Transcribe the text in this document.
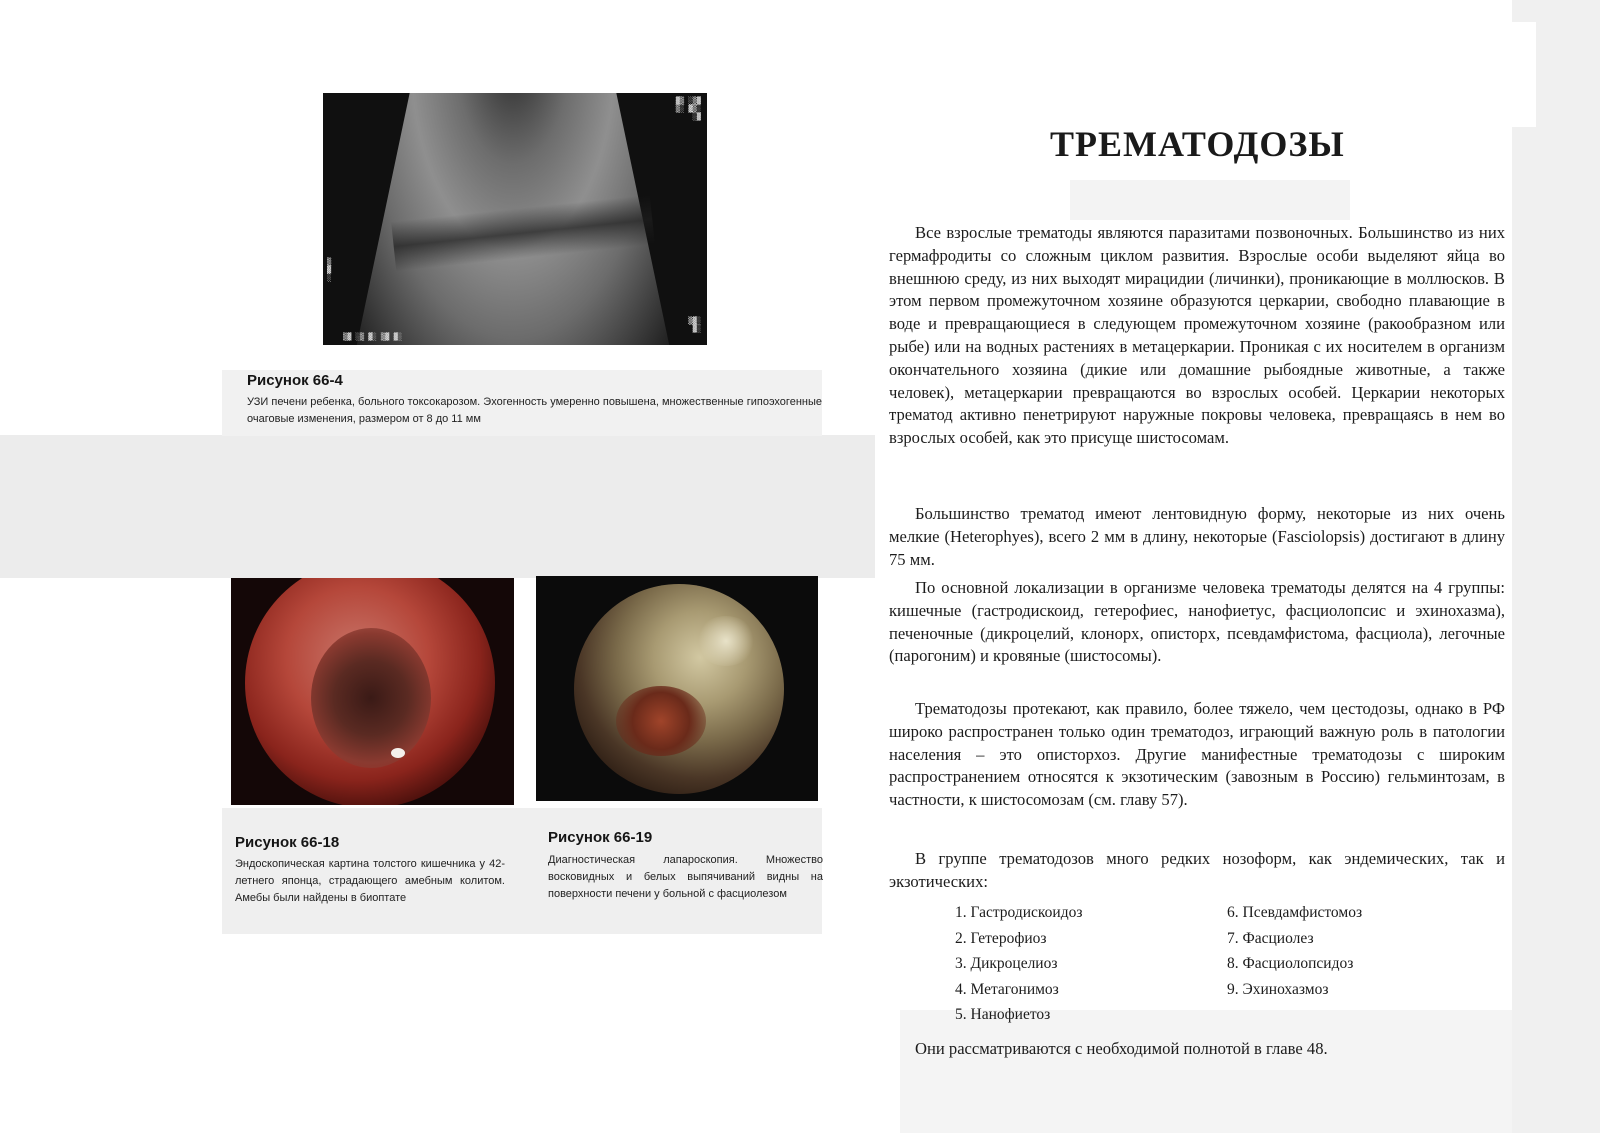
▓▒ ░▒▓
▒░ ▓▒░
░▓
▒
▓
░
▒▓ ░▒ ▓░ ▒▓ ▓░
▒▓░
▓░
Рисунок 66-4
УЗИ печени ребенка, больного токсокарозом. Эхогенность умеренно повышена, множественные гипоэхогенные очаговые изменения, размером от 8 до 11 мм
Рисунок 66-18
Эндоскопическая картина толстого кишечника у 42-летнего японца, страдающего амебным колитом. Амебы были найдены в биоптате
Рисунок 66-19
Диагностическая лапароскопия. Множество восковидных и белых выпячиваний видны на поверхности печени у больной с фасциолезом
ТРЕМАТОДОЗЫ

Все взрослые трематоды являются паразитами позвоночных. Большинство из них гермафродиты со сложным циклом развития. Взрослые особи выделяют яйца во внешнюю среду, из них выходят мирацидии (личинки), проникающие в моллюсков. В этом первом промежуточном хозяине образуются церкарии, свободно плавающие в воде и превращающиеся в следующем промежуточном хозяине (ракообразном или рыбе) или на водных растениях в метацеркарии. Проникая с их носителем в организм окончательного хозяина (дикие или домашние рыбоядные животные, а также человек), метацеркарии превращаются во взрослых особей. Церкарии некоторых трематод активно пенетрируют наружные покровы человека, превращаясь в нем во взрослых особей, как это присуще шистосомам.

Большинство трематод имеют лентовидную форму, некоторые из них очень мелкие (Heterophyes), всего 2 мм в длину, некоторые (Fasciolopsis) достигают в длину 75 мм.

По основной локализации в организме человека трематоды делятся на 4 группы: кишечные (гастродискоид, гетерофиес, нанофиетус, фасциолопсис и эхинохазма), печеночные (дикроцелий, клонорх, описторх, псевдамфистома, фасциола), легочные (парогоним) и кровяные (шистосомы).

Трематодозы протекают, как правило, более тяжело, чем цестодозы, однако в РФ широко распространен только один трематодоз, играющий важную роль в патологии населения – это описторхоз. Другие манифестные трематодозы с широким распространением относятся к экзотическим (завозным в Россию) гельминтозам, в частности, к шистосомозам (см. главу 57).

В группе трематодозов много редких нозоформ, как эндемических, так и экзотических:

1. Гастродискоидоз
2. Гетерофиоз
3. Дикроцелиоз
4. Метагонимоз
5. Нанофиетоз
6. Псевдамфистомоз
7. Фасциолез
8. Фасциолопсидоз
9. Эхинохазмоз
Они рассматриваются с необходимой полнотой в главе 48.
